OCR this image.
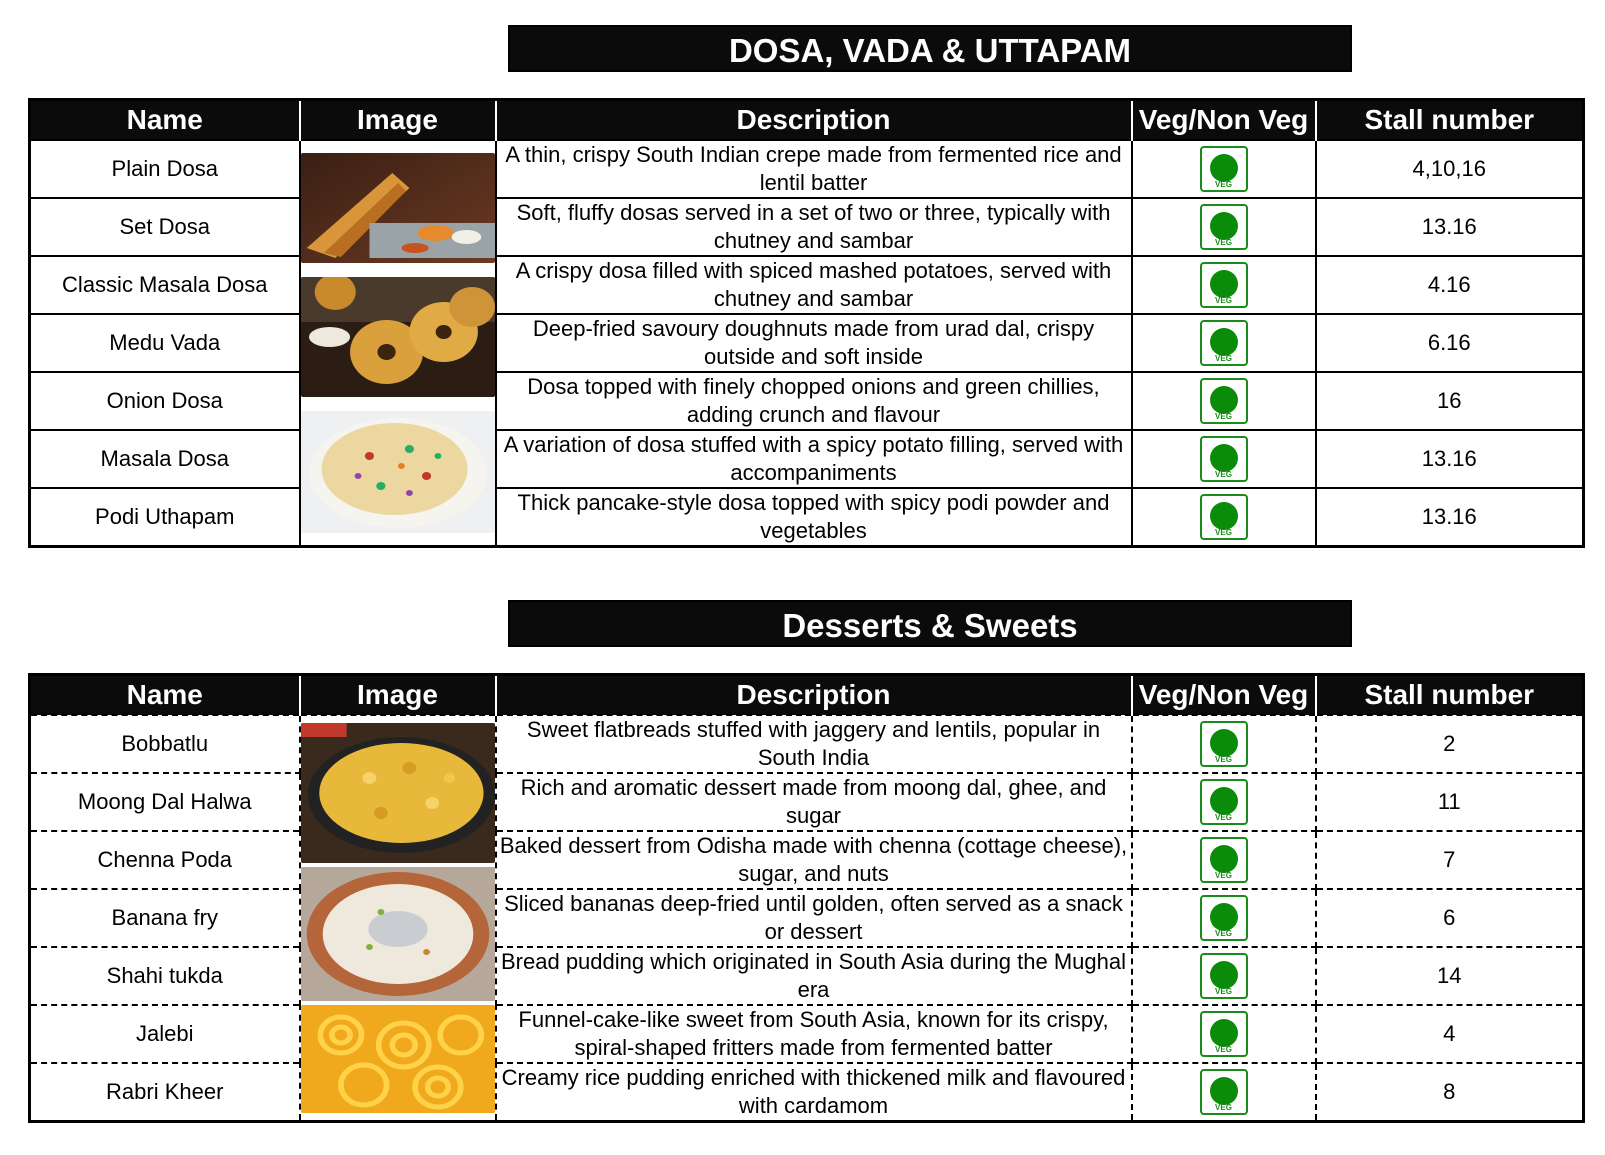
DOSA, VADA & UTTAPAM
Name	Image	Description	Veg/Non Veg	Stall number
Plain Dosa		A thin, crispy South Indian crepe made from fermented rice and lentil batter	VEG	4,10,16
Set Dosa		Soft, fluffy dosas served in a set of two or three, typically with chutney and sambar	VEG	13.16
Classic Masala Dosa		A crispy dosa filled with spiced mashed potatoes, served with chutney and sambar	VEG	4.16
Medu Vada		Deep-fried savoury doughnuts made from urad dal, crispy outside and soft inside	VEG	6.16
Onion Dosa		Dosa topped with finely chopped onions and green chillies, adding crunch and flavour	VEG	16
Masala Dosa		A variation of dosa stuffed with a spicy potato filling, served with accompaniments	VEG	13.16
Podi Uthapam		Thick pancake-style dosa topped with spicy podi powder and vegetables	VEG	13.16
Desserts & Sweets
Name	Image	Description	Veg/Non Veg	Stall number
Bobbatlu		Sweet flatbreads stuffed with jaggery and lentils, popular in South India	VEG	2
Moong Dal Halwa		Rich and aromatic dessert made from moong dal, ghee, and sugar	VEG	11
Chenna Poda		Baked dessert from Odisha made with chenna (cottage cheese), sugar, and nuts	VEG	7
Banana fry		Sliced bananas deep-fried until golden, often served as a snack or dessert	VEG	6
Shahi tukda		Bread pudding which originated in South Asia during the Mughal era	VEG	14
Jalebi		Funnel-cake-like sweet from South Asia, known for its crispy, spiral-shaped fritters made from fermented batter	VEG	4
Rabri Kheer		Creamy rice pudding enriched with thickened milk and flavoured with cardamom	VEG	8
